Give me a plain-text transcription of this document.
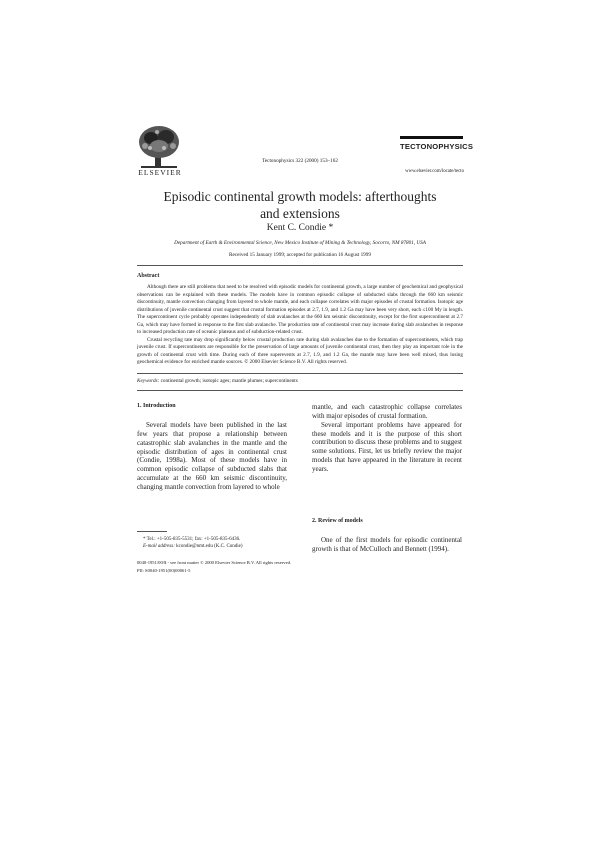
ELSEVIER
Tectonophysics 322 (2000) 153–162
TECTONOPHYSICS
www.elsevier.com/locate/tecto
Episodic continental growth models: afterthoughts
and extensions
Kent C. Condie *
Department of Earth & Environmental Science, New Mexico Institute of Mining & Technology, Socorro, NM 87801, USA
Received 15 January 1999; accepted for publication 16 August 1999
Abstract

Although there are still problems that need to be resolved with episodic models for continental growth, a large number of geochemical and geophysical observations can be explained with these models. The models have in common episodic collapse of subducted slabs through the 660 km seismic discontinuity, mantle convection changing from layered to whole mantle, and each collapse correlates with major episodes of crustal formation. Isotopic age distributions of juvenile continental crust suggest that crustal formation episodes at 2.7, 1.9, and 1.2 Ga may have been very short, each ≤100 My in length. The supercontinent cycle probably operates independently of slab avalanches at the 660 km seismic discontinuity, except for the first supercontinent at 2.7 Ga, which may have formed in response to the first slab avalanche. The production rate of continental crust may increase during slab avalanches in response to increased production rate of oceanic plateaus and of subduction-related crust.

Crustal recycling rate may drop significantly below crustal production rate during slab avalanches due to the formation of supercontinents, which trap juvenile crust. If supercontinents are responsible for the preservation of large amounts of juvenile continental crust, then they play an important role in the growth of continental crust with time. During each of three superevents at 2.7, 1.9, and 1.2 Ga, the mantle may have been well mixed, thus losing geochemical evidence for enriched mantle sources. © 2000 Elsevier Science B.V. All rights reserved.

Keywords: continental growth; isotopic ages; mantle plumes; supercontinents
1. Introduction

Several models have been published in the last few years that propose a relationship between catastrophic slab avalanches in the mantle and the episodic distribution of ages in continental crust (Condie, 1998a). Most of these models have in common episodic collapse of subducted slabs that accumulate at the 660 km seismic discontinuity, changing mantle convection from layered to whole

mantle, and each catastrophic collapse correlates with major episodes of crustal formation.

Several important problems have appeared for these models and it is the purpose of this short contribution to discuss these problems and to suggest some solutions. First, let us briefly review the major models that have appeared in the literature in recent years.

2. Review of models

One of the first models for episodic continental growth is that of McCulloch and Bennett (1994).

* Tel.: +1-505-835-5531; fax: +1-505-835-6436.

E-mail address: kcondie@nmt.edu (K.C. Condie)

0040-1951/00/$ - see front matter © 2000 Elsevier Science B.V. All rights reserved.
PII: S0040-1951(00)00061-5
